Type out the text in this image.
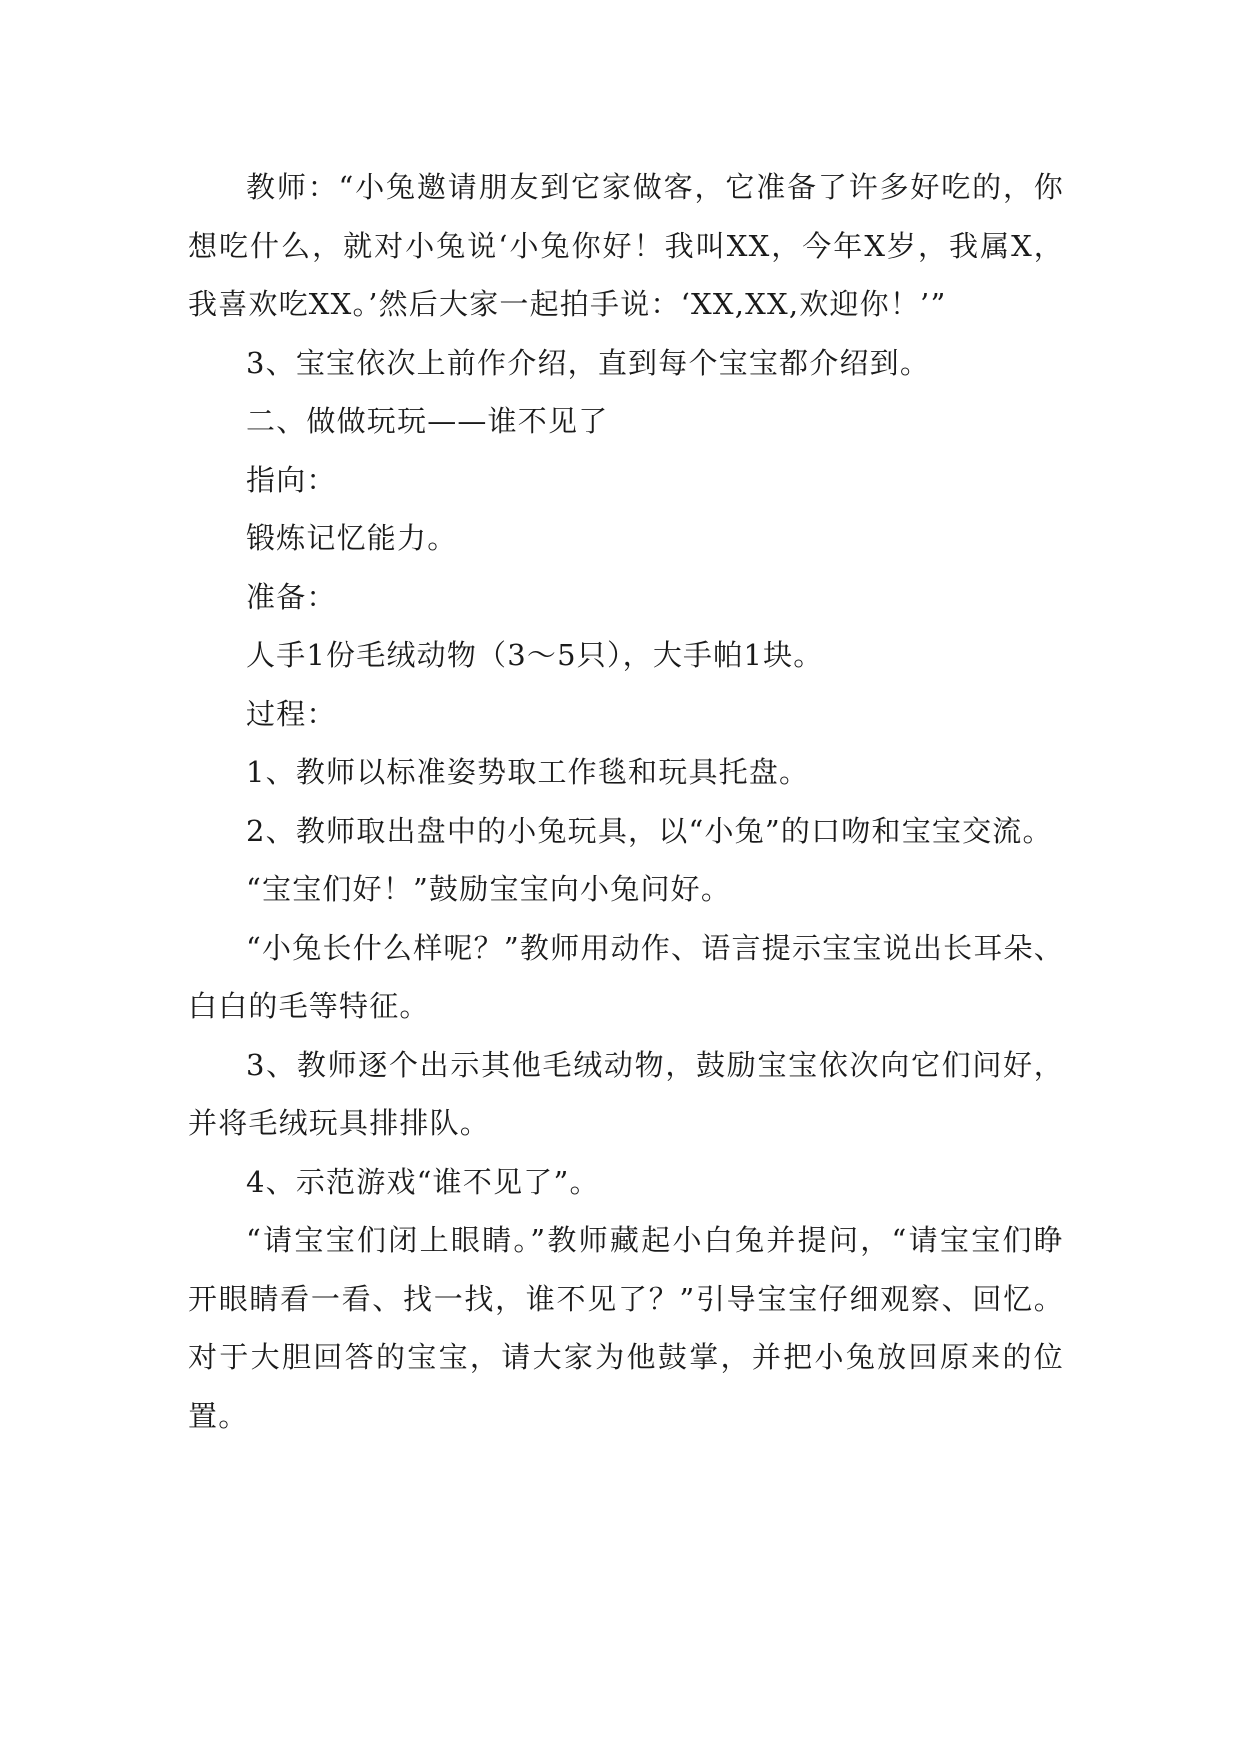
教师：“小兔邀请朋友到它家做客，它准备了许多好吃的，你想吃什么，就对小兔说‘小兔你好！我叫XX，今年X岁，我属X，我喜欢吃XX。’然后大家一起拍手说：‘XX,XX,欢迎你！’”

3、宝宝依次上前作介绍，直到每个宝宝都介绍到。

二、做做玩玩——谁不见了

指向：

锻炼记忆能力。

准备：

人手1份毛绒动物（3～5只），大手帕1块。

过程：

1、教师以标准姿势取工作毯和玩具托盘。

2、教师取出盘中的小兔玩具，以“小兔”的口吻和宝宝交流。

“宝宝们好！”鼓励宝宝向小兔问好。

“小兔长什么样呢？”教师用动作、语言提示宝宝说出长耳朵、白白的毛等特征。

3、教师逐个出示其他毛绒动物，鼓励宝宝依次向它们问好，并将毛绒玩具排排队。

4、示范游戏“谁不见了”。

“请宝宝们闭上眼睛。”教师藏起小白兔并提问，“请宝宝们睁开眼睛看一看、找一找，谁不见了？”引导宝宝仔细观察、回忆。对于大胆回答的宝宝，请大家为他鼓掌，并把小兔放回原来的位置。
